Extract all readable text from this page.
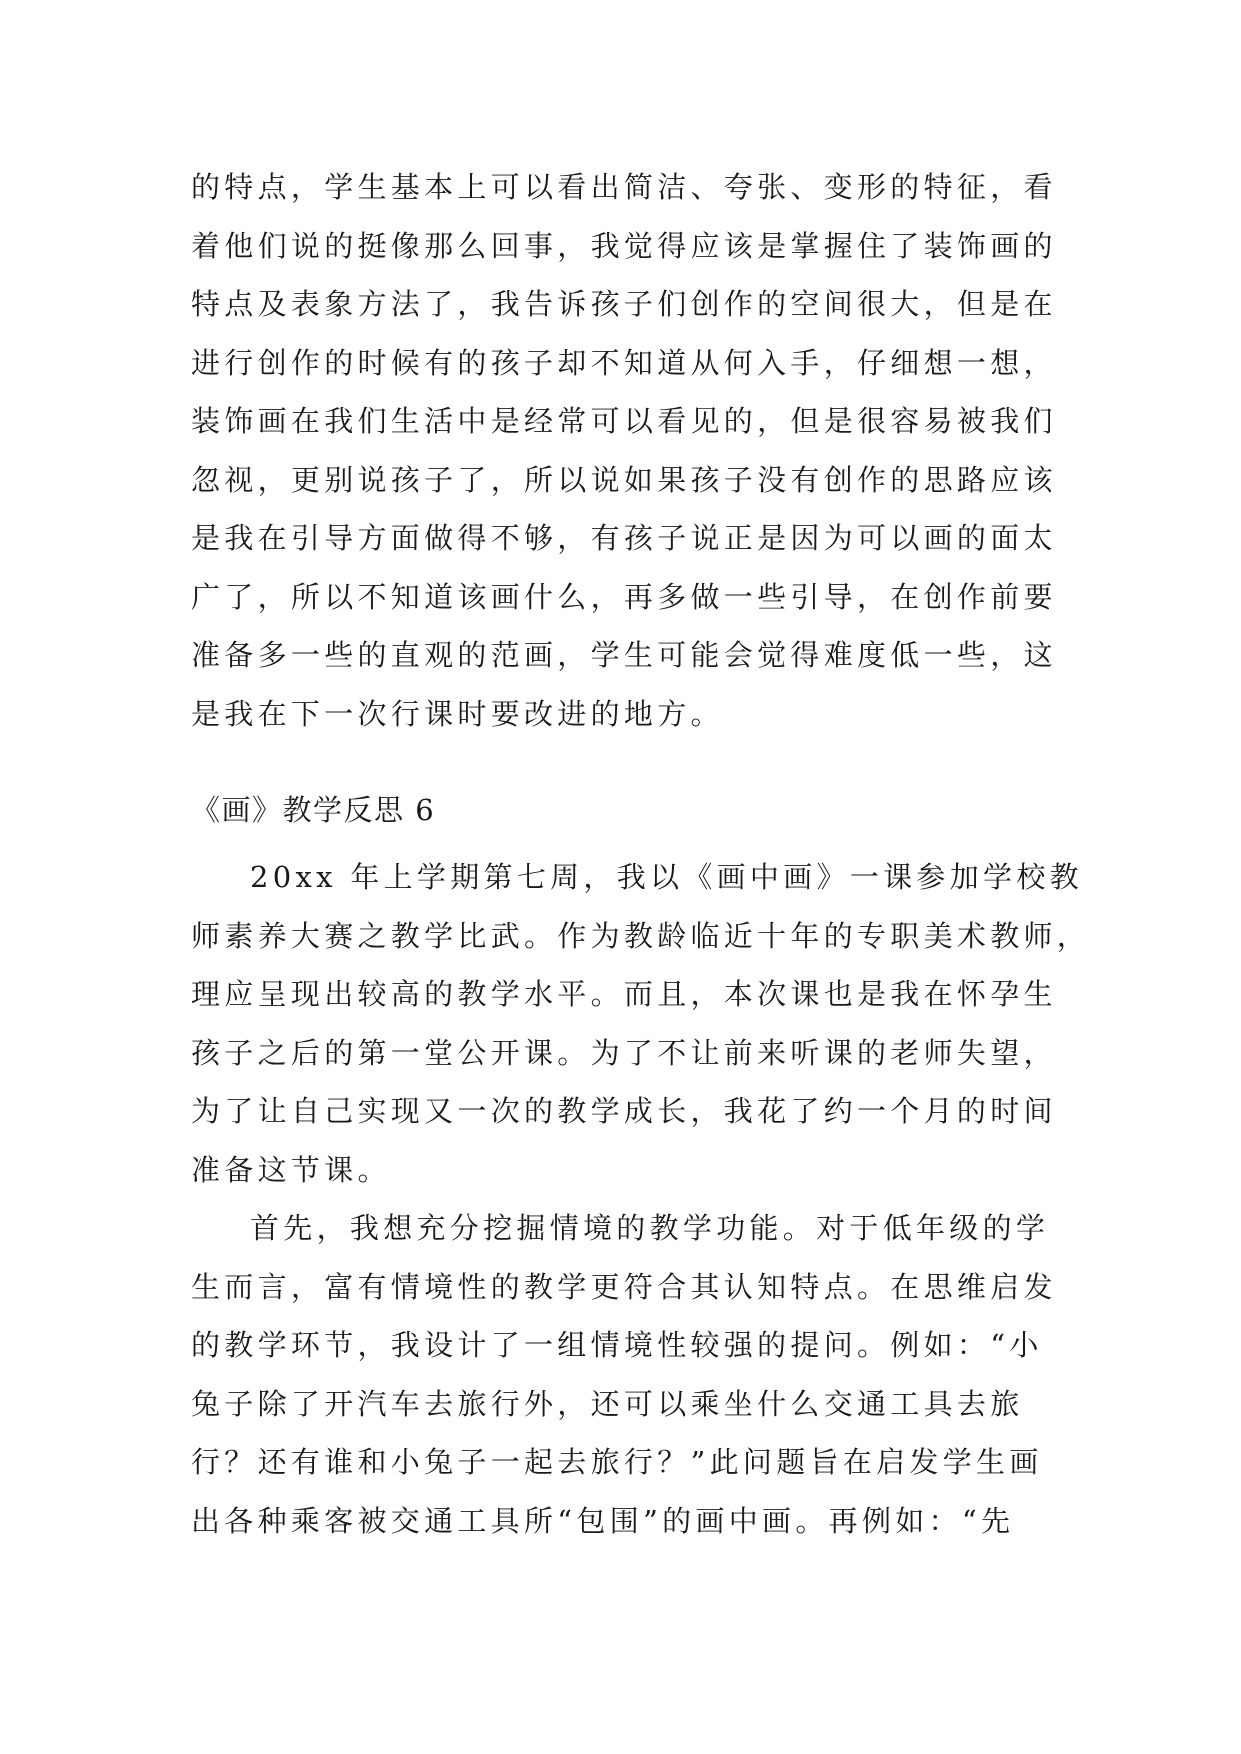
的特点，学生基本上可以看出简洁、夸张、变形的特征，看
着他们说的挺像那么回事，我觉得应该是掌握住了装饰画的
特点及表象方法了，我告诉孩子们创作的空间很大，但是在
进行创作的时候有的孩子却不知道从何入手，仔细想一想，
装饰画在我们生活中是经常可以看见的，但是很容易被我们
忽视，更别说孩子了，所以说如果孩子没有创作的思路应该
是我在引导方面做得不够，有孩子说正是因为可以画的面太
广了，所以不知道该画什么，再多做一些引导，在创作前要
准备多一些的直观的范画，学生可能会觉得难度低一些，这
是我在下一次行课时要改进的地方。
《画》教学反思 6
20xx 年上学期第七周，我以《画中画》一课参加学校教
师素养大赛之教学比武。作为教龄临近十年的专职美术教师，
理应呈现出较高的教学水平。而且，本次课也是我在怀孕生
孩子之后的第一堂公开课。为了不让前来听课的老师失望，
为了让自己实现又一次的教学成长，我花了约一个月的时间
准备这节课。
首先，我想充分挖掘情境的教学功能。对于低年级的学
生而言，富有情境性的教学更符合其认知特点。在思维启发
的教学环节，我设计了一组情境性较强的提问。例如：“小
兔子除了开汽车去旅行外，还可以乘坐什么交通工具去旅
行？还有谁和小兔子一起去旅行？”此问题旨在启发学生画
出各种乘客被交通工具所“包围”的画中画。再例如：“先
